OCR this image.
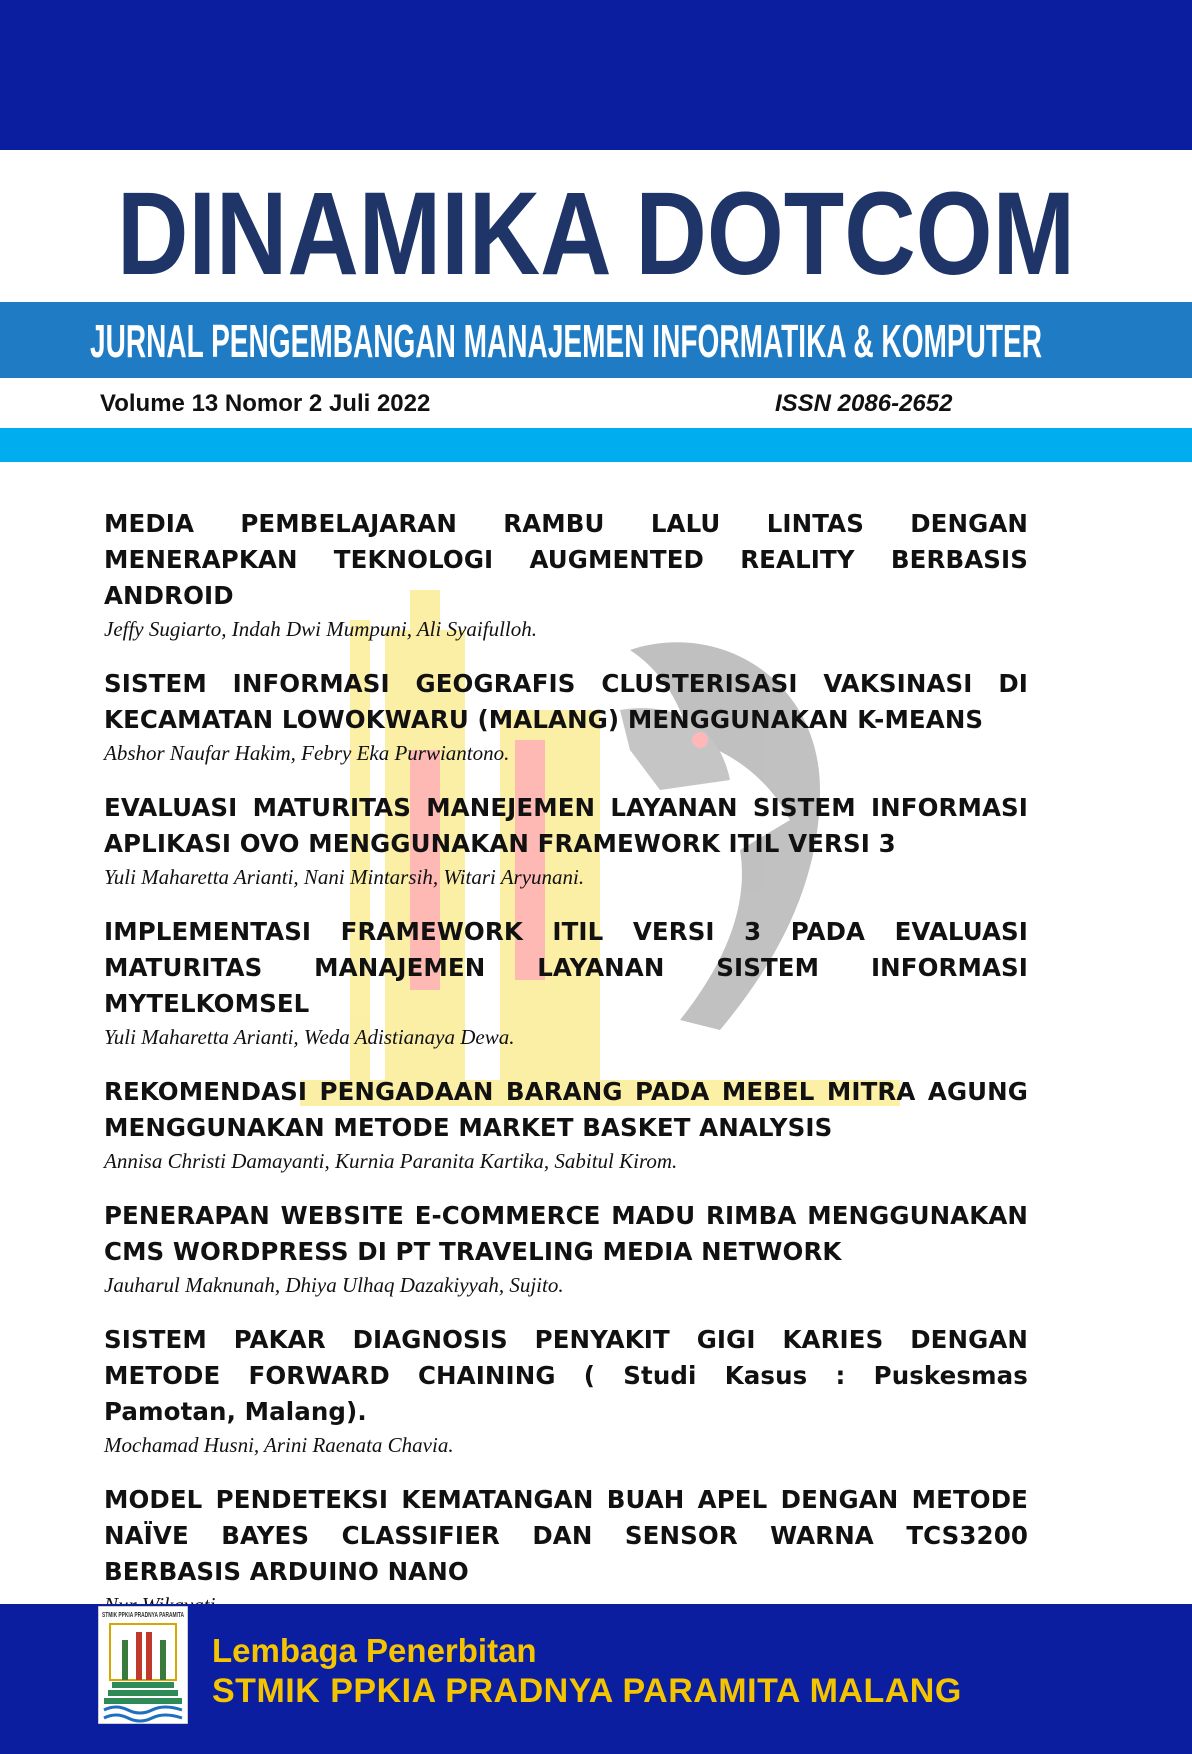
DINAMIKA DOTCOM
JURNAL PENGEMBANGAN MANAJEMEN INFORMATIKA & KOMPUTER
Volume 13 Nomor 2 Juli 2022	ISSN 2086-2652

MEDIA PEMBELAJARAN RAMBU LALU LINTAS DENGAN MENERAPKAN TEKNOLOGI AUGMENTED REALITY BERBASIS ANDROID

Jeffy Sugiarto, Indah Dwi Mumpuni, Ali Syaifulloh.

SISTEM INFORMASI GEOGRAFIS CLUSTERISASI VAKSINASI DI KECAMATAN LOWOKWARU (MALANG) MENGGUNAKAN K-MEANS

Abshor Naufar Hakim, Febry Eka Purwiantono.

EVALUASI MATURITAS MANEJEMEN LAYANAN SISTEM INFORMASI APLIKASI OVO MENGGUNAKAN FRAMEWORK ITIL VERSI 3

Yuli Maharetta Arianti, Nani Mintarsih, Witari Aryunani.

IMPLEMENTASI FRAMEWORK ITIL VERSI 3 PADA EVALUASI MATURITAS MANAJEMEN LAYANAN SISTEM INFORMASI MYTELKOMSEL

Yuli Maharetta Arianti, Weda Adistianaya Dewa.

REKOMENDASI PENGADAAN BARANG PADA MEBEL MITRA AGUNG MENGGUNAKAN METODE MARKET BASKET ANALYSIS

Annisa Christi Damayanti, Kurnia Paranita Kartika, Sabitul Kirom.

PENERAPAN WEBSITE E-COMMERCE MADU RIMBA MENGGUNAKAN CMS WORDPRESS DI PT TRAVELING MEDIA NETWORK

Jauharul Maknunah, Dhiya Ulhaq Dazakiyyah, Sujito.

SISTEM PAKAR DIAGNOSIS PENYAKIT GIGI KARIES DENGAN METODE FORWARD CHAINING ( Studi Kasus : Puskesmas Pamotan, Malang).

Mochamad Husni, Arini Raenata Chavia.

MODEL PENDETEKSI KEMATANGAN BUAH APEL DENGAN METODE NAÏVE BAYES CLASSIFIER DAN SENSOR WARNA TCS3200 BERBASIS ARDUINO NANO

STMIK PPKIA PRADNYA PARAMITA
Lembaga Penerbitan
STMIK PPKIA PRADNYA PARAMITA MALANG
